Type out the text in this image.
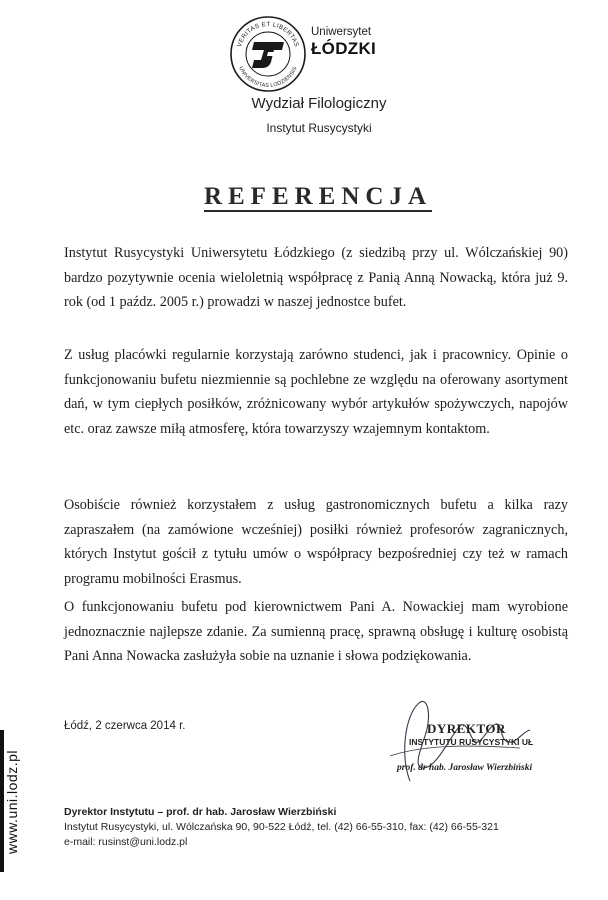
VERITAS ET LIBERTAS
UNIVERSITAS LODZIENSIS
Uniwersytet
ŁÓDZKI
Wydział Filologiczny
Instytut Rusycystyki
REFERENCJA

Instytut Rusycystyki Uniwersytetu Łódzkiego (z siedzibą przy ul. Wólczańskiej 90) bardzo pozytywnie ocenia wieloletnią współpracę z Panią Anną Nowacką, która już 9. rok (od 1 paźdz. 2005 r.) prowadzi w naszej jednostce bufet.

Z usług placówki regularnie korzystają zarówno studenci, jak i pracownicy. Opinie o funkcjonowaniu bufetu niezmiennie są pochlebne ze względu na oferowany asortyment dań, w tym ciepłych posiłków, zróżnicowany wybór artykułów spożywczych, napojów etc. oraz zawsze miłą atmosferę, która towarzyszy wzajemnym kontaktom.

Osobiście również korzystałem z usług gastronomicznych bufetu a kilka razy zapraszałem (na zamówione wcześniej) posiłki również profesorów zagranicznych, których Instytut gościł z tytułu umów o współpracy bezpośredniej czy też w ramach programu mobilności Erasmus.

O funkcjonowaniu bufetu pod kierownictwem Pani A. Nowackiej mam wyrobione jednoznacznie najlepsze zdanie. Za sumienną pracę, sprawną obsługę i kulturę osobistą Pani Anna Nowacka zasłużyła sobie na uznanie i słowa podziękowania.

Łódź, 2 czerwca 2014 r.	DYREKTOR
INSTYTUTU RUSYCYSTYKI UŁ
prof. dr hab. Jarosław Wierzbiński
Dyrektor Instytutu – prof. dr hab. Jarosław Wierzbiński
Instytut Rusycystyki, ul. Wólczańska 90, 90-522 Łódź, tel. (42) 66-55-310, fax: (42) 66-55-321
e-mail: rusinst@uni.lodz.pl
www.uni.lodz.pl
